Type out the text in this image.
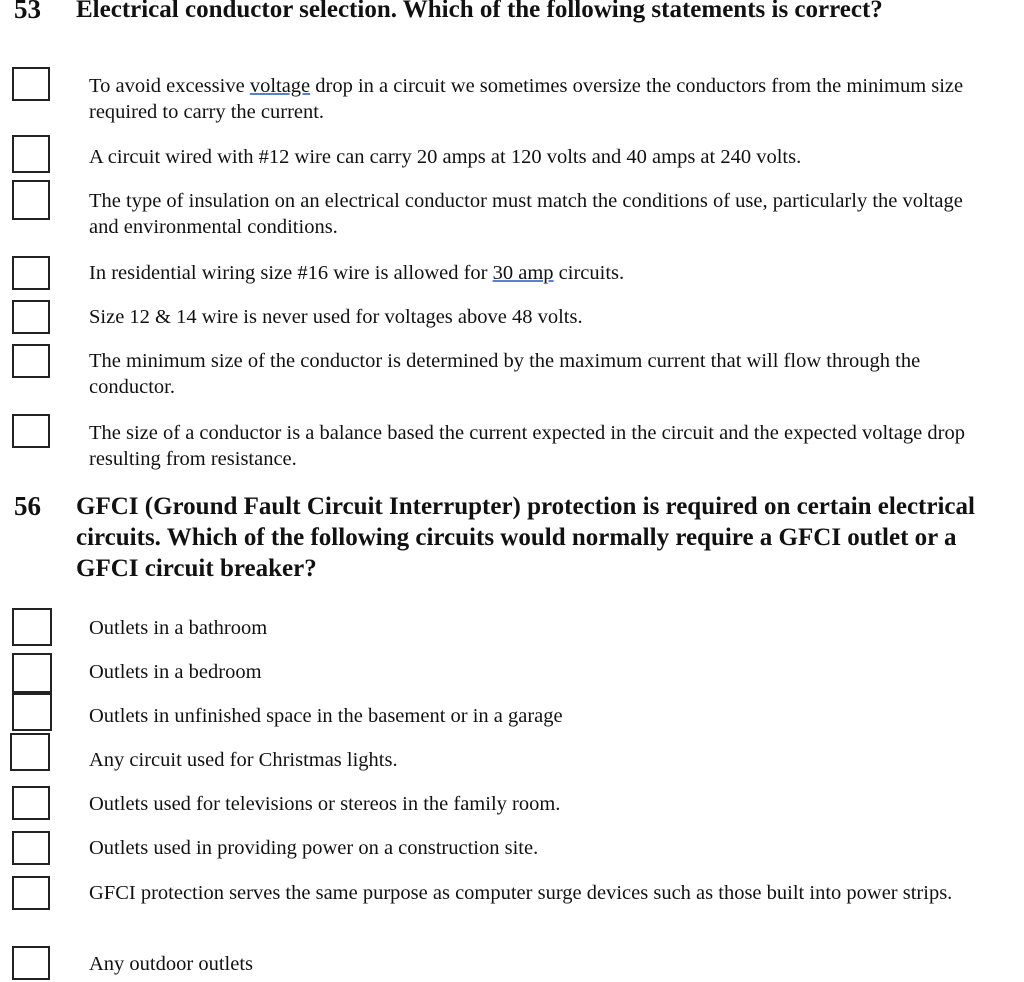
53 Electrical conductor selection. Which of the following statements is correct?
To avoid excessive voltage drop in a circuit we sometimes oversize the conductors from the minimum size required to carry the current.
A circuit wired with #12 wire can carry 20 amps at 120 volts and 40 amps at 240 volts.
The type of insulation on an electrical conductor must match the conditions of use, particularly the voltage and environmental conditions.
In residential wiring size #16 wire is allowed for 30 amp circuits.
Size 12 & 14 wire is never used for voltages above 48 volts.
The minimum size of the conductor is determined by the maximum current that will flow through the conductor.
The size of a conductor is a balance based the current expected in the circuit and the expected voltage drop resulting from resistance.
56 GFCI (Ground Fault Circuit Interrupter) protection is required on certain electrical circuits. Which of the following circuits would normally require a GFCI outlet or a GFCI circuit breaker?
Outlets in a bathroom
Outlets in a bedroom
Outlets in unfinished space in the basement or in a garage
Any circuit used for Christmas lights.
Outlets used for televisions or stereos in the family room.
Outlets used in providing power on a construction site.
GFCI protection serves the same purpose as computer surge devices such as those built into power strips.
Any outdoor outlets
